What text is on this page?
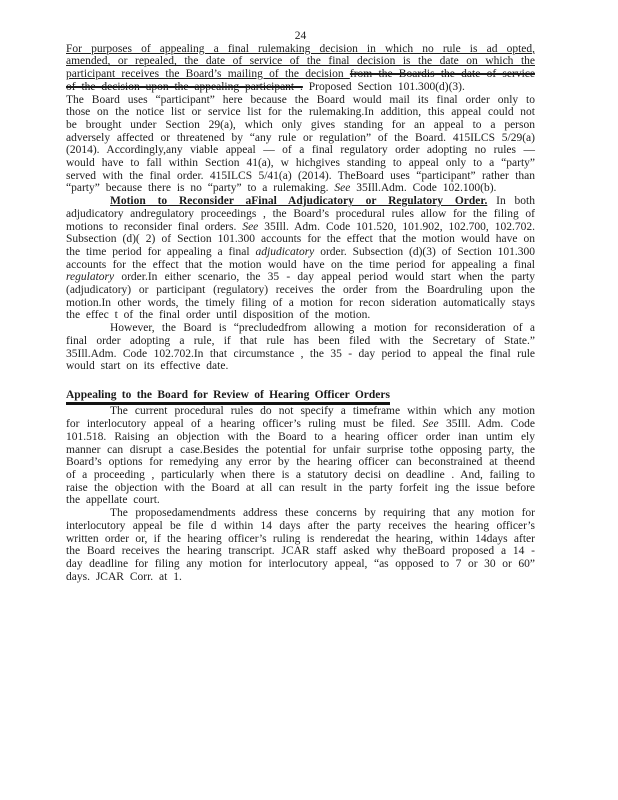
24

For purposes of appealing a final rulemaking decision in which no rule is ad opted, amended, or repealed, the date of service of the final decision is the date on which the participant receives the Board’s mailing of the decision from the Boardis the date of service of the decision upon the appealing participant . Proposed Section 101.300(d)(3).

The Board uses “participant” here because the Board would mail its final order only to those on the notice list or service list for the rulemaking.In addition, this appeal could not be brought under Section 29(a), which only gives standing for an appeal to a person adversely affected or threatened by “any rule or regulation” of the Board. 415ILCS 5/29(a) (2014). Accordingly,any viable appeal — of a final regulatory order adopting no rules — would have to fall within Section 41(a), w hichgives standing to appeal only to a “party” served with the final order. 415ILCS 5/41(a) (2014). TheBoard uses “participant” rather than “party” because there is no “party” to a rulemaking. See 35Ill.Adm. Code 102.100(b).

Motion to Reconsider aFinal Adjudicatory or Regulatory Order. In both adjudicatory andregulatory proceedings , the Board’s procedural rules allow for the filing of motions to reconsider final orders. See 35Ill. Adm. Code 101.520, 101.902, 102.700, 102.702. Subsection (d)( 2) of Section 101.300 accounts for the effect that the motion would have on the time period for appealing a final adjudicatory order. Subsection (d)(3) of Section 101.300 accounts for the effect that the motion would have on the time period for appealing a final regulatory order.In either scenario, the 35 - day appeal period would start when the party (adjudicatory) or participant (regulatory) receives the order from the Boardruling upon the motion.In other words, the timely filing of a motion for recon sideration automatically stays the effec t of the final order until disposition of the motion.

However, the Board is “precludedfrom allowing a motion for reconsideration of a final order adopting a rule, if that rule has been filed with the Secretary of State.” 35Ill.Adm. Code 102.702.In that circumstance , the 35 - day period to appeal the final rule would start on its effective date.

Appealing to the Board for Review of Hearing Officer Orders

The current procedural rules do not specify a timeframe within which any motion for interlocutory appeal of a hearing officer’s ruling must be filed. See 35Ill. Adm. Code 101.518. Raising an objection with the Board to a hearing officer order inan untim ely manner can disrupt a case.Besides the potential for unfair surprise tothe opposing party, the Board’s options for remedying any error by the hearing officer can beconstrained at theend of a proceeding , particularly when there is a statutory decisi on deadline . And, failing to raise the objection with the Board at all can result in the party forfeit ing the issue before the appellate court.

The proposedamendments address these concerns by requiring that any motion for interlocutory appeal be file d within 14 days after the party receives the hearing officer’s written order or, if the hearing officer’s ruling is renderedat the hearing, within 14days after the Board receives the hearing transcript. JCAR staff asked why theBoard proposed a 14 - day deadline for filing any motion for interlocutory appeal, “as opposed to 7 or 30 or 60” days. JCAR Corr. at 1.
